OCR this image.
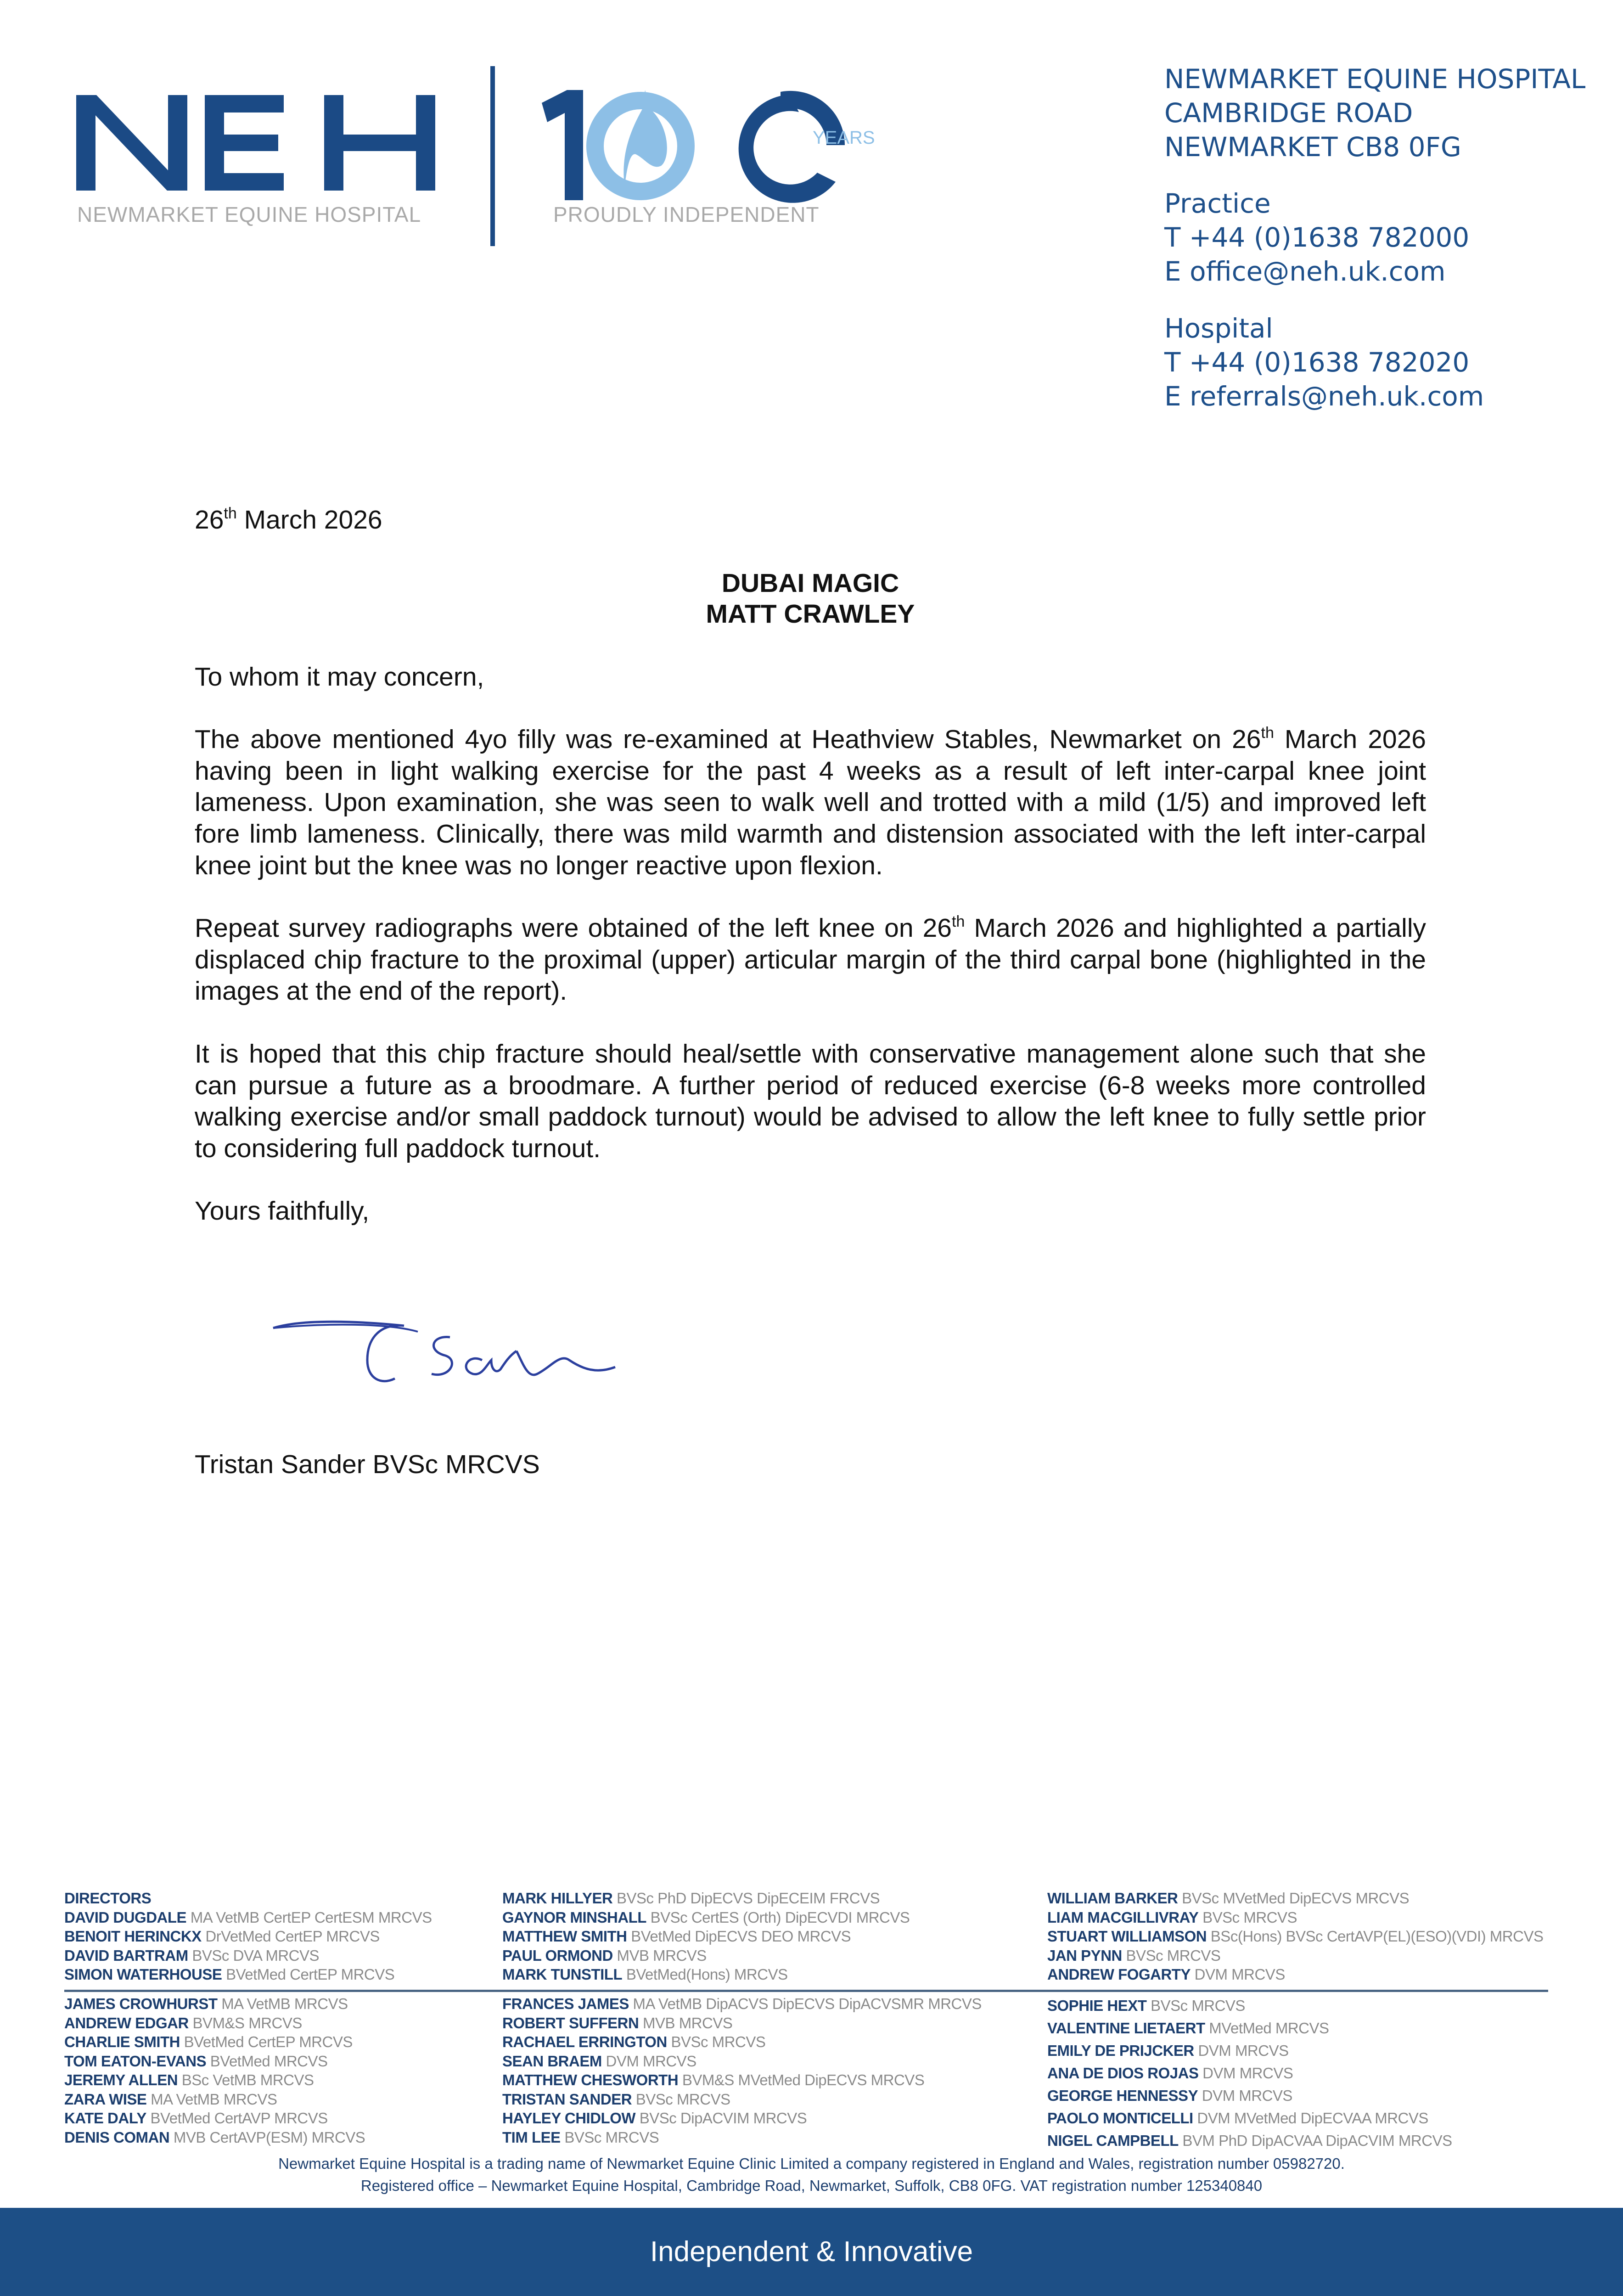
NEWMARKET EQUINE HOSPITAL
YEARS
PROUDLY INDEPENDENT
NEWMARKET EQUINE HOSPITAL
CAMBRIDGE ROAD
NEWMARKET CB8 0FG
Practice
T +44 (0)1638 782000
E office@neh.uk.com
Hospital
T +44 (0)1638 782020
E referrals@neh.uk.com
26th March 2026
DUBAI MAGIC
MATT CRAWLEY
To whom it may concern,

The above mentioned 4yo filly was re-examined at Heathview Stables, Newmarket on 26th March 2026 having been in light walking exercise for the past 4 weeks as a result of left inter-carpal knee joint lameness. Upon examination, she was seen to walk well and trotted with a mild (1/5) and improved left fore limb lameness. Clinically, there was mild warmth and distension associated with the left inter-carpal knee joint but the knee was no longer reactive upon flexion.

Repeat survey radiographs were obtained of the left knee on 26th March 2026 and highlighted a partially displaced chip fracture to the proximal (upper) articular margin of the third carpal bone (highlighted in the images at the end of the report).

It is hoped that this chip fracture should heal/settle with conservative management alone such that she can pursue a future as a broodmare. A further period of reduced exercise (6-8 weeks more controlled walking exercise and/or small paddock turnout) would be advised to allow the left knee to fully settle prior to considering full paddock turnout.

Yours faithfully,
Tristan Sander BVSc MRCVS
DIRECTORS
DAVID DUGDALE MA VetMB CertEP CertESM MRCVS
BENOIT HERINCKX DrVetMed CertEP MRCVS
DAVID BARTRAM BVSc DVA MRCVS
SIMON WATERHOUSE BVetMed CertEP MRCVS
MARK HILLYER BVSc PhD DipECVS DipECEIM FRCVS
GAYNOR MINSHALL BVSc CertES (Orth) DipECVDI MRCVS
MATTHEW SMITH BVetMed DipECVS DEO MRCVS
PAUL ORMOND MVB MRCVS
MARK TUNSTILL BVetMed(Hons) MRCVS
WILLIAM BARKER BVSc MVetMed DipECVS MRCVS
LIAM MACGILLIVRAY BVSc MRCVS
STUART WILLIAMSON BSc(Hons) BVSc CertAVP(EL)(ESO)(VDI) MRCVS
JAN PYNN BVSc MRCVS
ANDREW FOGARTY DVM MRCVS
JAMES CROWHURST MA VetMB MRCVS
ANDREW EDGAR BVM&S MRCVS
CHARLIE SMITH BVetMed CertEP MRCVS
TOM EATON-EVANS BVetMed MRCVS
JEREMY ALLEN BSc VetMB MRCVS
ZARA WISE MA VetMB MRCVS
KATE DALY BVetMed CertAVP MRCVS
DENIS COMAN MVB CertAVP(ESM) MRCVS
FRANCES JAMES MA VetMB DipACVS DipECVS DipACVSMR MRCVS
ROBERT SUFFERN MVB MRCVS
RACHAEL ERRINGTON BVSc MRCVS
SEAN BRAEM DVM MRCVS
MATTHEW CHESWORTH BVM&S MVetMed DipECVS MRCVS
TRISTAN SANDER BVSc MRCVS
HAYLEY CHIDLOW BVSc DipACVIM MRCVS
TIM LEE BVSc MRCVS
SOPHIE HEXT BVSc MRCVS
VALENTINE LIETAERT MVetMed MRCVS
EMILY DE PRIJCKER DVM MRCVS
ANA DE DIOS ROJAS DVM MRCVS
GEORGE HENNESSY DVM MRCVS
PAOLO MONTICELLI DVM MVetMed DipECVAA MRCVS
NIGEL CAMPBELL BVM PhD DipACVAA DipACVIM MRCVS
Newmarket Equine Hospital is a trading name of Newmarket Equine Clinic Limited a company registered in England and Wales, registration number 05982720.
Registered office – Newmarket Equine Hospital, Cambridge Road, Newmarket, Suffolk, CB8 0FG. VAT registration number 125340840
Independent & Innovative
